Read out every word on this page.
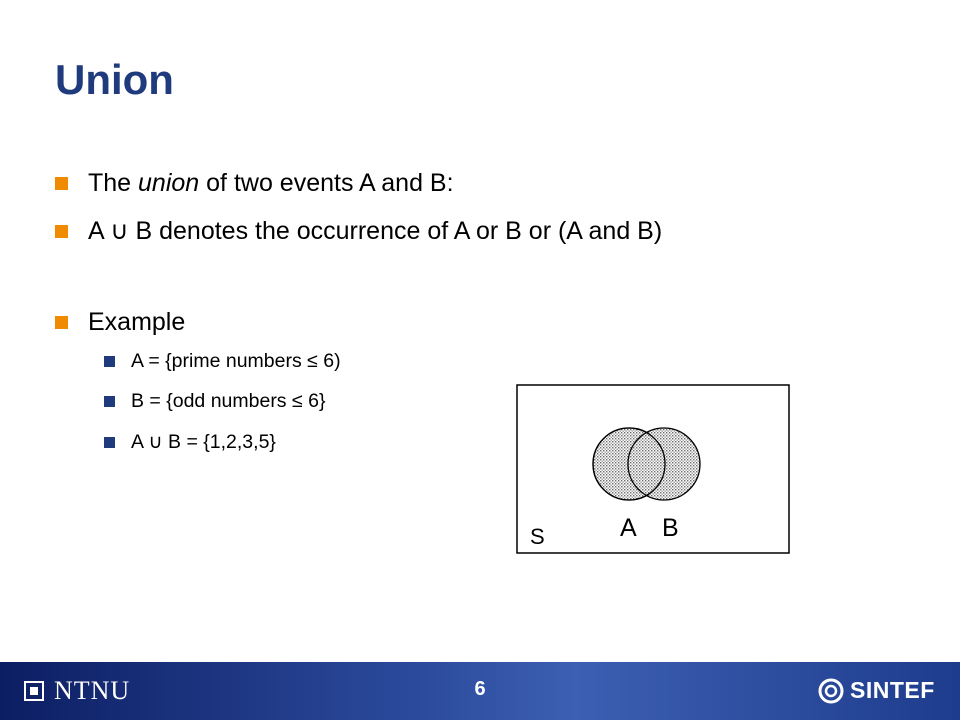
Union
The union of two events A and B:
A ∪ B denotes the occurrence of A or B or (A and B)
Example
A = {prime numbers ≤ 6)
B = {odd numbers ≤ 6}
A ∪ B = {1,2,3,5}
A B
S
NTNU	6	SINTEF
